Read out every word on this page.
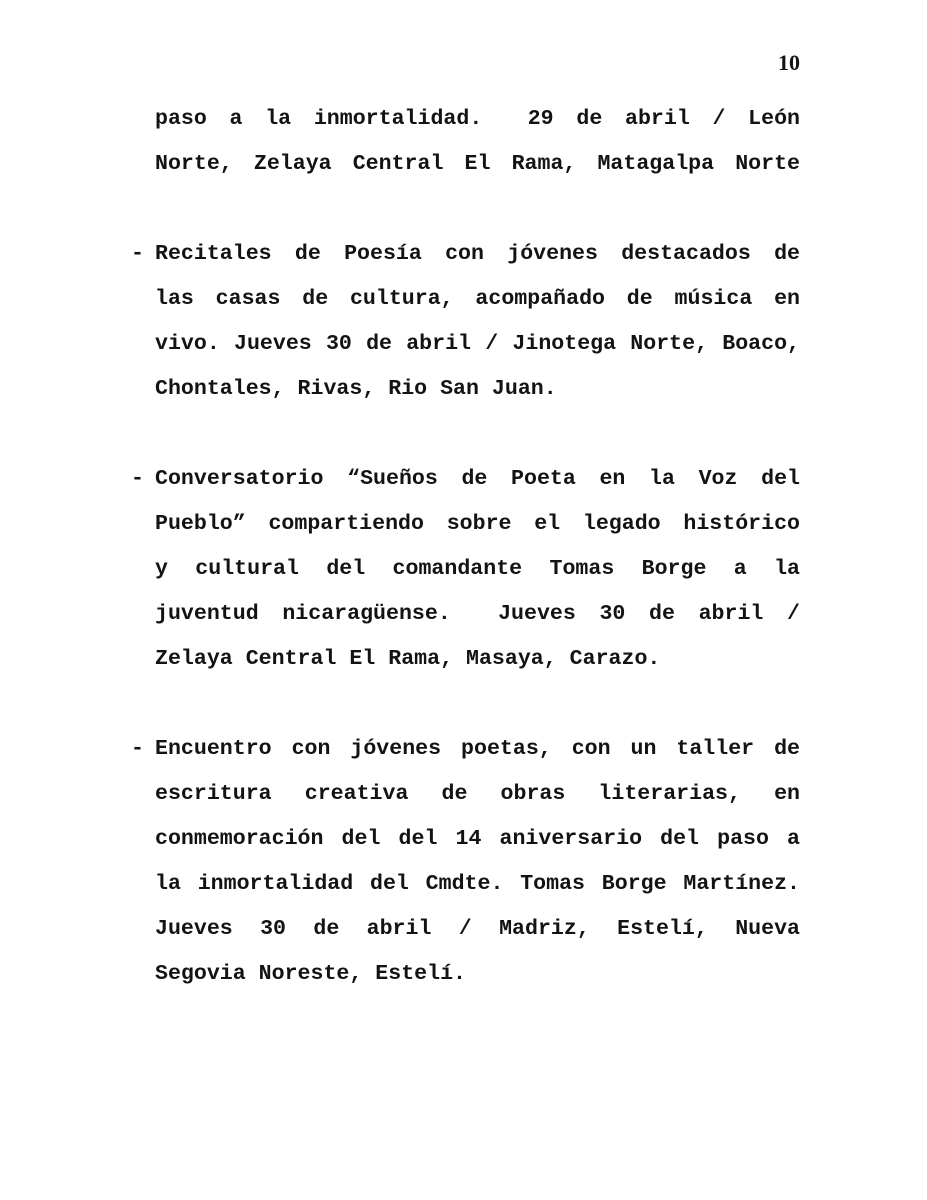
10
paso a la inmortalidad.  29 de abril / León
Norte, Zelaya Central El Rama, Matagalpa Norte
- Recitales de Poesía con jóvenes destacados de
las casas de cultura, acompañado de música en
vivo. Jueves 30 de abril / Jinotega Norte, Boaco,
Chontales, Rivas, Rio San Juan.
- Conversatorio “Sueños de Poeta en la Voz del
Pueblo” compartiendo sobre el legado histórico
y cultural del comandante Tomas Borge a la
juventud nicaragüense.  Jueves 30 de abril /
Zelaya Central El Rama, Masaya, Carazo.
- Encuentro con jóvenes poetas, con un taller de
escritura creativa de obras literarias, en
conmemoración del del 14 aniversario del paso a
la inmortalidad del Cmdte. Tomas Borge Martínez.
Jueves 30 de abril / Madriz, Estelí, Nueva
Segovia Noreste, Estelí.
